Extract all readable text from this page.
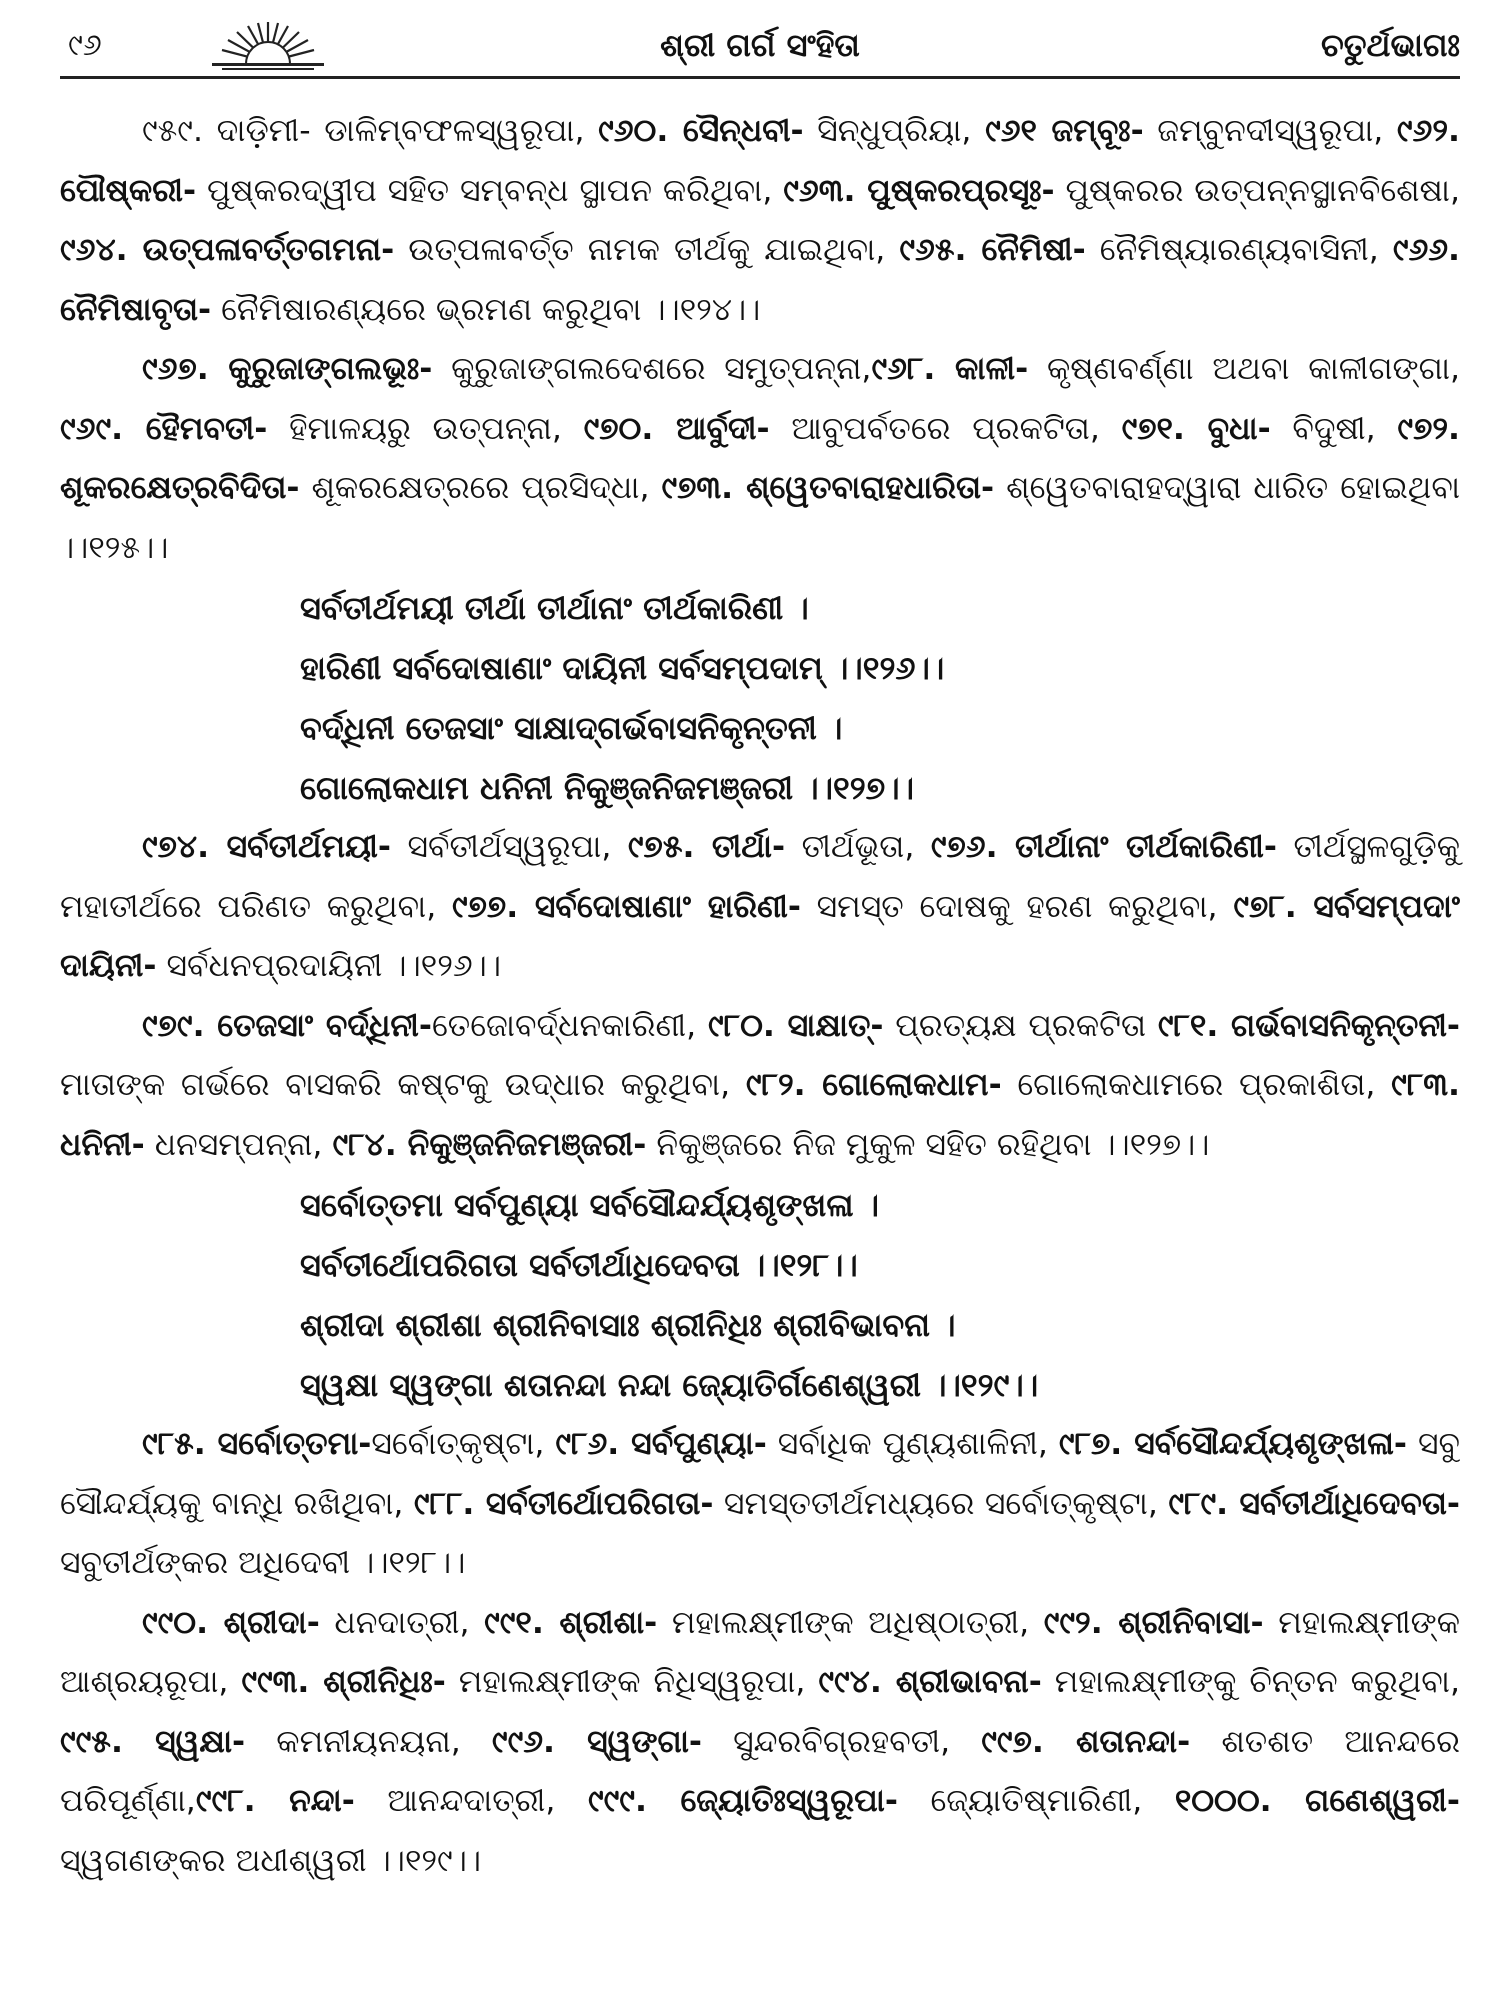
୯୬	ଶ୍ରୀ ଗର୍ଗ ସଂହିତା	ଚତୁର୍ଥଭାଗଃ

୯୫୯. ଦାଡ଼ିମୀ- ଡାଳିମ୍ବଫଳସ୍ୱରୂପା, ୯୬୦. ସୈନ୍ଧବୀ- ସିନ୍ଧୁପ୍ରିୟା, ୯୬୧ ଜମ୍ବୂଃ- ଜମ୍ବୁନଦୀସ୍ୱରୂପା, ୯୬୨. ପୌଷ୍କରୀ- ପୁଷ୍କରଦ୍ୱୀପ ସହିତ ସମ୍ବନ୍ଧ ସ୍ଥାପନ କରିଥିବା, ୯୬୩. ପୁଷ୍କରପ୍ରସୂଃ- ପୁଷ୍କରର ଉତ୍ପନ୍ନସ୍ଥାନବିଶେଷା, ୯୬୪. ଉତ୍ପଳାବର୍ତ୍ତଗମନା- ଉତ୍ପଳାବର୍ତ୍ତ ନାମକ ତୀର୍ଥକୁ ଯାଇଥିବା, ୯୬୫. ନୈମିଷୀ- ନୈମିଷ୍ୟାରଣ୍ୟବାସିନୀ, ୯୬୬. ନୈମିଷାବୃତା- ନୈମିଷାରଣ୍ୟରେ ଭ୍ରମଣ କରୁଥିବା ।।୧୨୪।।

୯୬୭. କୁରୁଜାଙ୍ଗଲଭୂଃ- କୁରୁଜାଙ୍ଗଲଦେଶରେ ସମୁତ୍ପନ୍ନା,୯୬୮. କାଳୀ- କୃଷ୍ଣବର୍ଣ୍ଣା ଅଥବା କାଳୀଗଙ୍ଗା, ୯୬୯. ହୈମବତୀ- ହିମାଳୟରୁ ଉତ୍ପନ୍ନା, ୯୭୦. ଆର୍ବୁଦୀ- ଆବୁପର୍ବତରେ ପ୍ରକଟିତା, ୯୭୧. ବୁଧା- ବିଦୁଷୀ, ୯୭୨. ଶୂକରକ୍ଷେତ୍ରବିଦିତା- ଶୂକରକ୍ଷେତ୍ରରେ ପ୍ରସିଦ୍ଧା, ୯୭୩. ଶ୍ୱେତବାରାହଧାରିତା- ଶ୍ୱେତବାରାହଦ୍ୱାରା ଧାରିତ ହୋଇଥିବା ।।୧୨୫।।

ସର୍ବତୀର୍ଥମୟୀ ତୀର୍ଥା ତୀର୍ଥାନାଂ ତୀର୍ଥକାରିଣୀ ।

ହାରିଣୀ ସର୍ବଦୋଷାଣାଂ ଦାୟିନୀ ସର୍ବସମ୍ପଦାମ୍ ।।୧୨୬।।

ବର୍ଦ୍ଧିନୀ ତେଜସାଂ ସାକ୍ଷାଦ୍‌ଗର୍ଭବାସନିକୃନ୍ତନୀ ।

ଗୋଲୋକଧାମ ଧନିନୀ ନିକୁଞ୍ଜନିଜମଞ୍ଜରୀ ।।୧୨୭।।

୯୭୪. ସର୍ବତୀର୍ଥମୟୀ- ସର୍ବତୀର୍ଥସ୍ୱରୂପା, ୯୭୫. ତୀର୍ଥା- ତୀର୍ଥଭୂତା, ୯୭୬. ତୀର୍ଥାନାଂ ତୀର୍ଥକାରିଣୀ- ତୀର୍ଥସ୍ଥଳଗୁଡ଼ିକୁ ମହାତୀର୍ଥରେ ପରିଣତ କରୁଥିବା, ୯୭୭. ସର୍ବଦୋଷାଣାଂ ହାରିଣୀ- ସମସ୍ତ ଦୋଷକୁ ହରଣ କରୁଥିବା, ୯୭୮. ସର୍ବସମ୍ପଦାଂ ଦାୟିନୀ- ସର୍ବଧନପ୍ରଦାୟିନୀ ।।୧୨୬।।

୯୭୯. ତେଜସାଂ ବର୍ଦ୍ଧିନୀ-ତେଜୋବର୍ଦ୍ଧନକାରିଣୀ, ୯୮୦. ସାକ୍ଷାତ୍- ପ୍ରତ୍ୟକ୍ଷ ପ୍ରକଟିତା ୯୮୧. ଗର୍ଭବାସନିକୃନ୍ତନୀ- ମାତାଙ୍କ ଗର୍ଭରେ ବାସକରି କଷ୍ଟକୁ ଉଦ୍ଧାର କରୁଥିବା, ୯୮୨. ଗୋଲୋକଧାମ- ଗୋଲୋକଧାମରେ ପ୍ରକାଶିତା, ୯୮୩. ଧନିନୀ- ଧନସମ୍ପନ୍ନା, ୯୮୪. ନିକୁଞ୍ଜନିଜମଞ୍ଜରୀ- ନିକୁଞ୍ଜରେ ନିଜ ମୁକୁଳ ସହିତ ରହିଥିବା ।।୧୨୭।।

ସର୍ବୋତ୍ତମା ସର୍ବପୁଣ୍ୟା ସର୍ବସୌନ୍ଦର୍ଯ୍ୟଶୃଙ୍ଖଳା ।

ସର୍ବତୀର୍ଥୋପରିଗତା ସର୍ବତୀର୍ଥାଧିଦେବତା ।।୧୨୮।।

ଶ୍ରୀଦା ଶ୍ରୀଶା ଶ୍ରୀନିବାସାଃ ଶ୍ରୀନିଧିଃ ଶ୍ରୀବିଭାବନା ।

ସ୍ୱକ୍ଷା ସ୍ୱଙ୍ଗା ଶତାନନ୍ଦା ନନ୍ଦା ଜ୍ୟୋତିର୍ଗଣେଶ୍ୱରୀ ।।୧୨୯।।

୯୮୫. ସର୍ବୋତ୍ତମା-ସର୍ବୋତ୍କୃଷ୍ଟା, ୯୮୬. ସର୍ବପୁଣ୍ୟା- ସର୍ବାଧିକ ପୁଣ୍ୟଶାଳିନୀ, ୯୮୭. ସର୍ବସୌନ୍ଦର୍ଯ୍ୟଶୃଙ୍ଖଳା- ସବୁ ସୌନ୍ଦର୍ଯ୍ୟକୁ ବାନ୍ଧି ରଖିଥିବା, ୯୮୮. ସର୍ବତୀର୍ଥୋପରିଗତା- ସମସ୍ତତୀର୍ଥମଧ୍ୟରେ ସର୍ବୋତ୍କୃଷ୍ଟା, ୯୮୯. ସର୍ବତୀର୍ଥାଧିଦେବତା-ସବୁତୀର୍ଥଙ୍କର ଅଧିଦେବୀ ।।୧୨୮।।

୯୯୦. ଶ୍ରୀଦା- ଧନଦାତ୍ରୀ, ୯୯୧. ଶ୍ରୀଶା- ମହାଲକ୍ଷ୍ମୀଙ୍କ ଅଧିଷ୍ଠାତ୍ରୀ, ୯୯୨. ଶ୍ରୀନିବାସା- ମହାଲକ୍ଷ୍ମୀଙ୍କ ଆଶ୍ରୟରୂପା, ୯୯୩. ଶ୍ରୀନିଧିଃ- ମହାଲକ୍ଷ୍ମୀଙ୍କ ନିଧିସ୍ୱରୂପା, ୯୯୪. ଶ୍ରୀଭାବନା- ମହାଲକ୍ଷ୍ମୀଙ୍କୁ ଚିନ୍ତନ କରୁଥିବା, ୯୯୫. ସ୍ୱକ୍ଷା- କମନୀୟନୟନା, ୯୯୬. ସ୍ୱଙ୍ଗା- ସୁନ୍ଦରବିଗ୍ରହବତୀ, ୯୯୭. ଶତାନନ୍ଦା- ଶତଶତ ଆନନ୍ଦରେ ପରିପୂର୍ଣ୍ଣା,୯୯୮. ନନ୍ଦା- ଆନନ୍ଦଦାତ୍ରୀ, ୯୯୯. ଜ୍ୟୋତିଃସ୍ୱରୂପା- ଜ୍ୟୋତିଷ୍ମାରିଣୀ, ୧୦୦୦. ଗଣେଶ୍ୱରୀ- ସ୍ୱଗଣଙ୍କର ଅଧୀଶ୍ୱରୀ ।।୧୨୯।।
